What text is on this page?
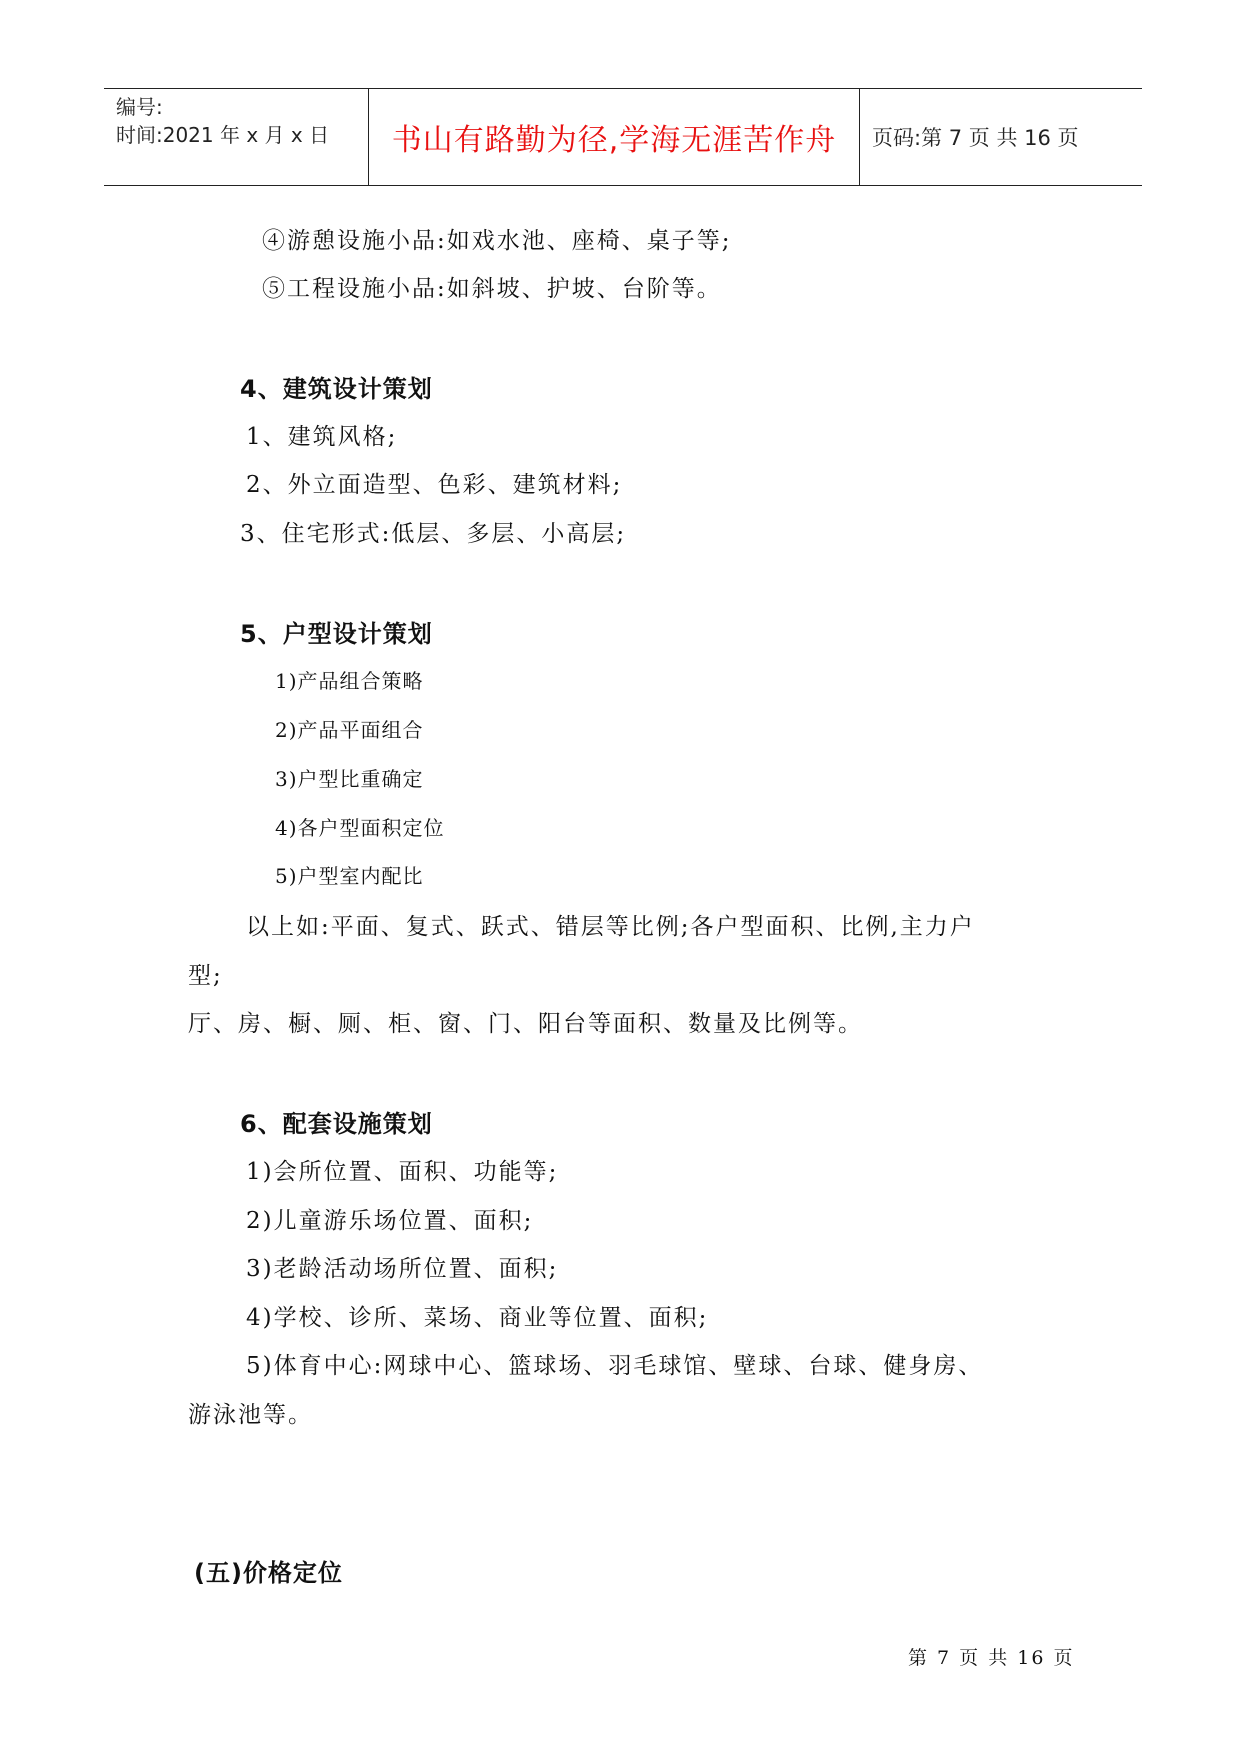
编号:
时间:2021 年 x 月 x 日	书山有路勤为径,学海无涯苦作舟 页码:第 7 页 共 16 页
④游憩设施小品:如戏水池、座椅、桌子等;
⑤工程设施小品:如斜坡、护坡、台阶等。
4、建筑设计策划
1、建筑风格;
2、外立面造型、色彩、建筑材料;
3、住宅形式:低层、多层、小高层;
5、户型设计策划
1)产品组合策略
2)产品平面组合
3)户型比重确定
4)各户型面积定位
5)户型室内配比
以上如:平面、复式、跃式、错层等比例;各户型面积、比例,主力户
型;
厅、房、橱、厕、柜、窗、门、阳台等面积、数量及比例等。
6、配套设施策划
1)会所位置、面积、功能等;
2)儿童游乐场位置、面积;
3)老龄活动场所位置、面积;
4)学校、诊所、菜场、商业等位置、面积;
5)体育中心:网球中心、篮球场、羽毛球馆、壁球、台球、健身房、
游泳池等。
(五)价格定位
第 7 页 共 16 页
